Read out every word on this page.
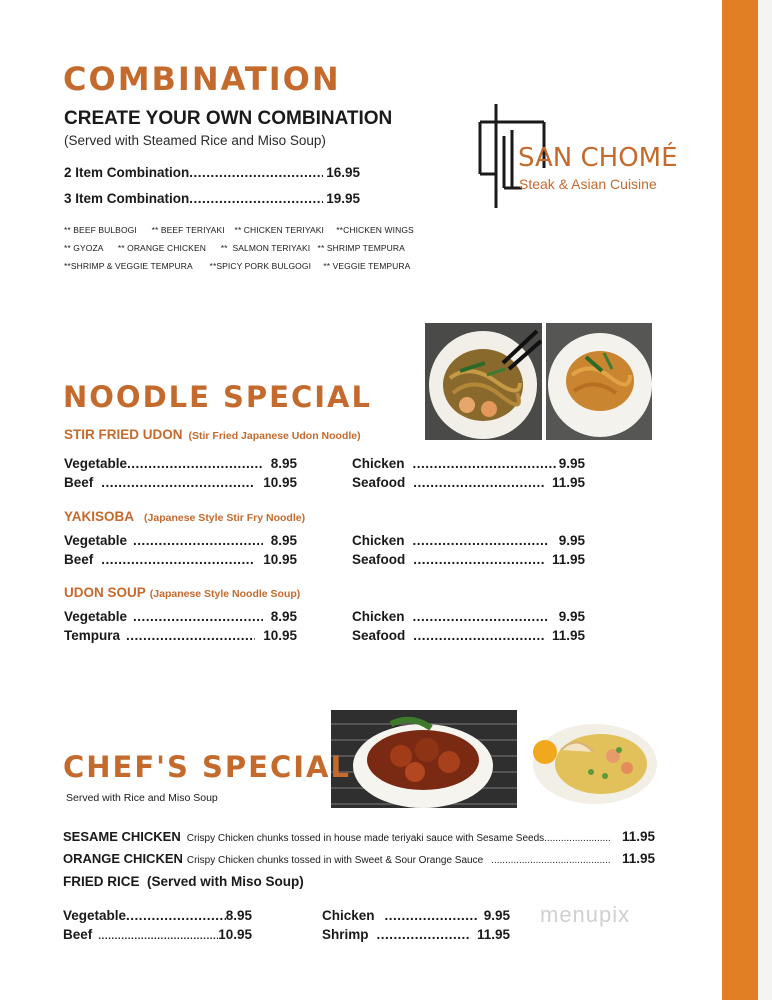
COMBINATION
CREATE YOUR OWN COMBINATION
(Served with Steamed Rice and Miso Soup)
2 Item Combination .....	16.95
3 Item Combination .....	19.95
** BEEF BULBOGI      ** BEEF TERIYAKI    ** CHICKEN TERIYAKI     **CHICKEN WINGS
** GYOZA      ** ORANGE CHICKEN      **  SALMON TERIYAKI   ** SHRIMP TEMPURA
**SHRIMP & VEGGIE TEMPURA       **SPICY PORK BULGOGI     ** VEGGIE TEMPURA
SAN CHOMÉ
Steak & Asian Cuisine
NOODLE SPECIAL
STIR FRIED UDON (Stir Fried Japanese Udon Noodle)
Vegetable .....	8.95
Beef .....	10.95
Chicken .....	9.95
Seafood .....	11.95
YAKISOBA (Japanese Style Stir Fry Noodle)
Vegetable .....	8.95
Beef .....	10.95
Chicken .....	9.95
Seafood .....	11.95
UDON SOUP (Japanese Style Noodle Soup)
Vegetable .....	8.95
Tempura .....	10.95
Chicken .....	9.95
Seafood .....	11.95
CHEF'S SPECIAL
Served with Rice and Miso Soup
SESAME CHICKEN Crispy Chicken chunks tossed in house made teriyaki sauce with Sesame Seeds .....	11.95
ORANGE CHICKEN Crispy Chicken chunks tossed in with Sweet & Sour Orange Sauce .....	11.95
FRIED RICE  (Served with Miso Soup)
Vegetable .....	8.95
Beef .....	10.95
Chicken .....	9.95
Shrimp .....	11.95
menupix
